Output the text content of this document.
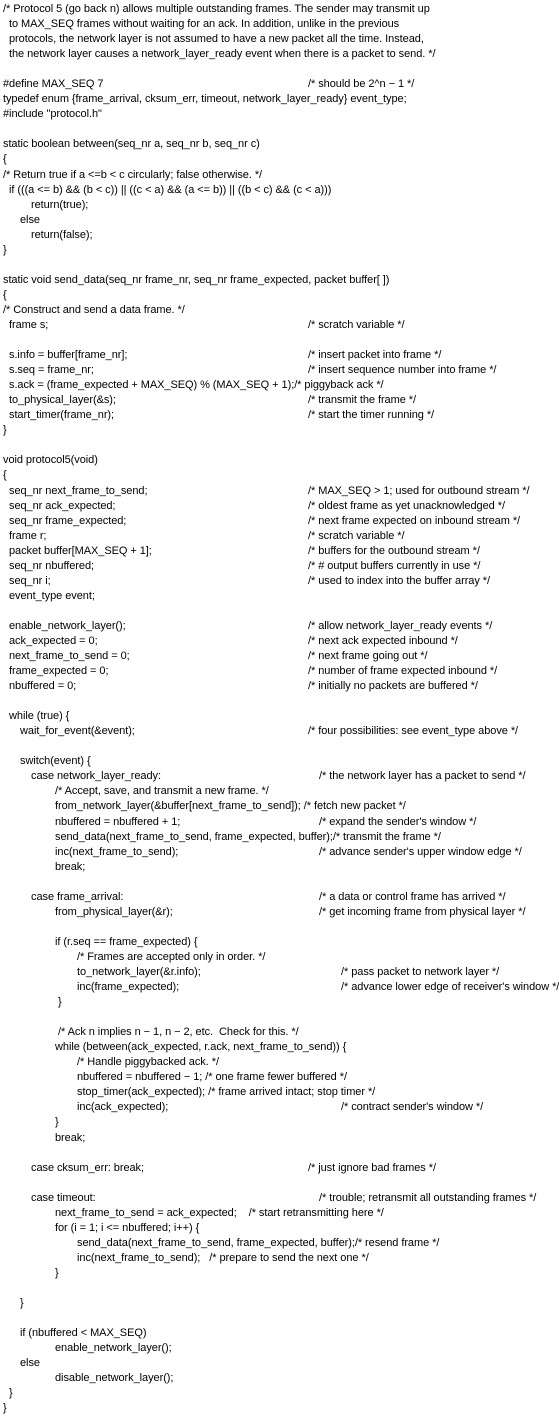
/* Protocol 5 (go back n) allows multiple outstanding frames. The sender may transmit up
to MAX_SEQ frames without waiting for an ack. In addition, unlike in the previous
protocols, the network layer is not assumed to have a new packet all the time. Instead,
the network layer causes a network_layer_ready event when there is a packet to send. */
#define MAX_SEQ 7	/* should be 2^n − 1 */
typedef enum {frame_arrival, cksum_err, timeout, network_layer_ready} event_type;
#include "protocol.h"
static boolean between(seq_nr a, seq_nr b, seq_nr c)
{
/* Return true if a <=b < c circularly; false otherwise. */
if (((a <= b) && (b < c)) || ((c < a) && (a <= b)) || ((b < c) && (c < a)))
return(true);
else
return(false);
}
static void send_data(seq_nr frame_nr, seq_nr frame_expected, packet buffer[ ])
{
/* Construct and send a data frame. */
frame s;	/* scratch variable */
s.info = buffer[frame_nr];	/* insert packet into frame */
s.seq = frame_nr;	/* insert sequence number into frame */
s.ack = (frame_expected + MAX_SEQ) % (MAX_SEQ + 1);/* piggyback ack */
to_physical_layer(&s);	/* transmit the frame */
start_timer(frame_nr);	/* start the timer running */
}
void protocol5(void)
{
seq_nr next_frame_to_send;	/* MAX_SEQ > 1; used for outbound stream */
seq_nr ack_expected;	/* oldest frame as yet unacknowledged */
seq_nr frame_expected;	/* next frame expected on inbound stream */
frame r;	/* scratch variable */
packet buffer[MAX_SEQ + 1];	/* buffers for the outbound stream */
seq_nr nbuffered;	/* # output buffers currently in use */
seq_nr i;	/* used to index into the buffer array */
event_type event;
enable_network_layer();	/* allow network_layer_ready events */
ack_expected = 0;	/* next ack expected inbound */
next_frame_to_send = 0;	/* next frame going out */
frame_expected = 0;	/* number of frame expected inbound */
nbuffered = 0;	/* initially no packets are buffered */
while (true) {
wait_for_event(&event);	/* four possibilities: see event_type above */
switch(event) {
case network_layer_ready:	/* the network layer has a packet to send */
/* Accept, save, and transmit a new frame. */
from_network_layer(&buffer[next_frame_to_send]); /* fetch new packet */
nbuffered = nbuffered + 1;	/* expand the sender's window */
send_data(next_frame_to_send, frame_expected, buffer);/* transmit the frame */
inc(next_frame_to_send);	/* advance sender's upper window edge */
break;
case frame_arrival:	/* a data or control frame has arrived */
from_physical_layer(&r);	/* get incoming frame from physical layer */
if (r.seq == frame_expected) {
/* Frames are accepted only in order. */
to_network_layer(&r.info);	/* pass packet to network layer */
inc(frame_expected);	/* advance lower edge of receiver's window */
}
/* Ack n implies n − 1, n − 2, etc.  Check for this. */
while (between(ack_expected, r.ack, next_frame_to_send)) {
/* Handle piggybacked ack. */
nbuffered = nbuffered − 1; /* one frame fewer buffered */
stop_timer(ack_expected); /* frame arrived intact; stop timer */
inc(ack_expected);	/* contract sender's window */
}
break;
case cksum_err: break;	/* just ignore bad frames */
case timeout:	/* trouble; retransmit all outstanding frames */
next_frame_to_send = ack_expected;    /* start retransmitting here */
for (i = 1; i <= nbuffered; i++) {
send_data(next_frame_to_send, frame_expected, buffer);/* resend frame */
inc(next_frame_to_send);   /* prepare to send the next one */
}
}
if (nbuffered < MAX_SEQ)
enable_network_layer();
else
disable_network_layer();
}
}
